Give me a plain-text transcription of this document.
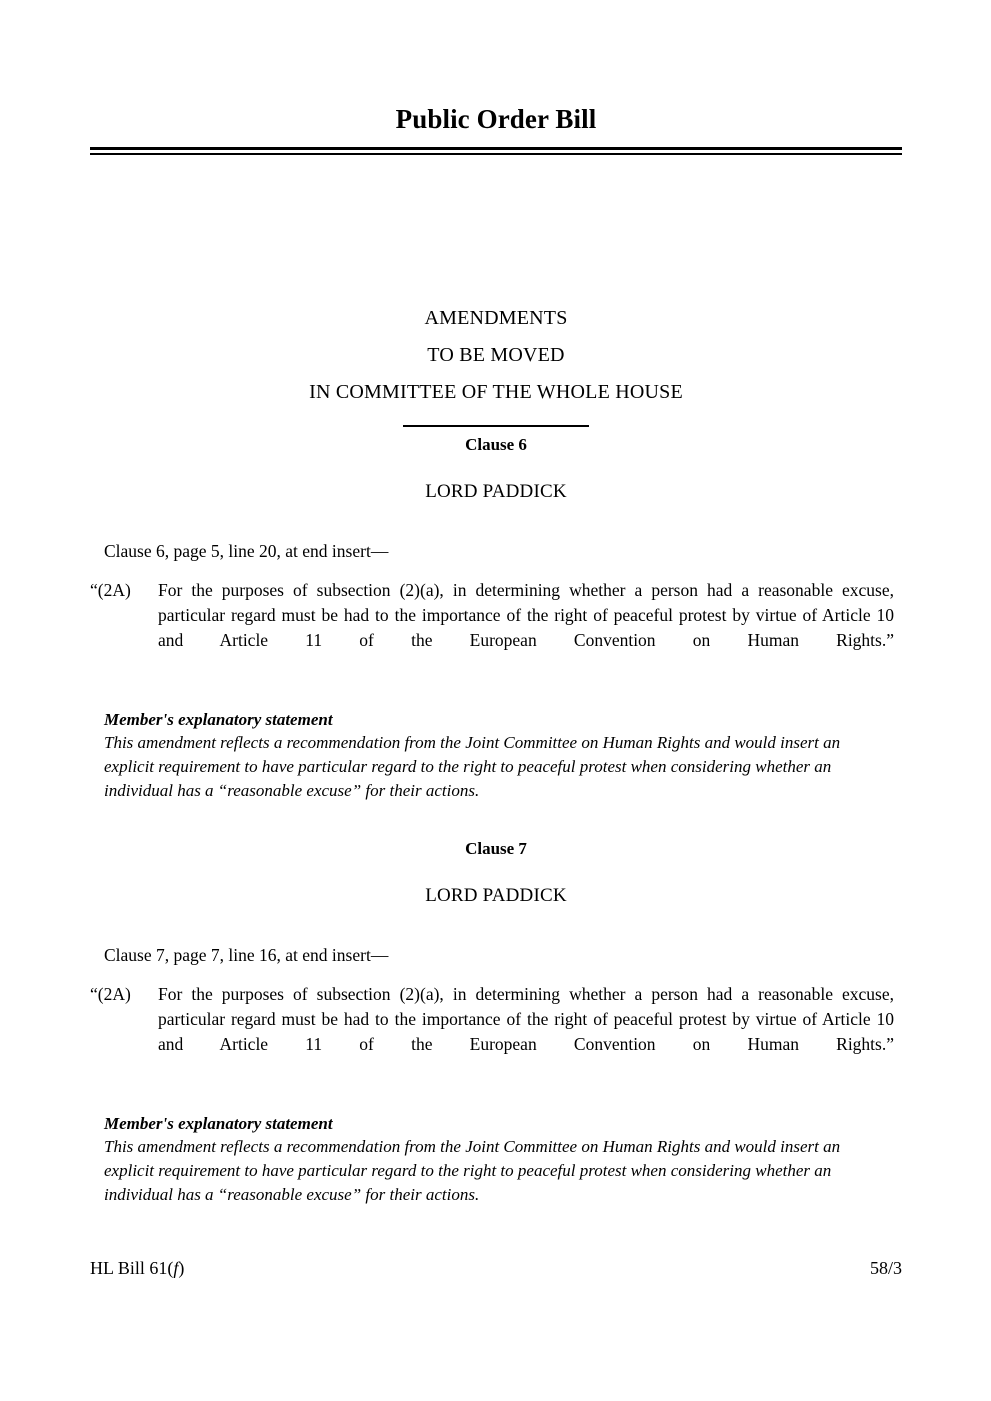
Public Order Bill
AMENDMENTS
TO BE MOVED
IN COMMITTEE OF THE WHOLE HOUSE
Clause 6
LORD PADDICK
Clause 6, page 5, line 20, at end insert—
“(2A)	For the purposes of subsection (2)(a), in determining whether a person had a reasonable excuse, particular regard must be had to the importance of the right of peaceful protest by virtue of Article 10 and Article 11 of the European Convention on Human Rights.”
Member's explanatory statement
This amendment reflects a recommendation from the Joint Committee on Human Rights and would insert an explicit requirement to have particular regard to the right to peaceful protest when considering whether an individual has a “reasonable excuse” for their actions.
Clause 7
LORD PADDICK
Clause 7, page 7, line 16, at end insert—
“(2A)	For the purposes of subsection (2)(a), in determining whether a person had a reasonable excuse, particular regard must be had to the importance of the right of peaceful protest by virtue of Article 10 and Article 11 of the European Convention on Human Rights.”
Member's explanatory statement
This amendment reflects a recommendation from the Joint Committee on Human Rights and would insert an explicit requirement to have particular regard to the right to peaceful protest when considering whether an individual has a “reasonable excuse” for their actions.
HL Bill 61(f)	58/3
